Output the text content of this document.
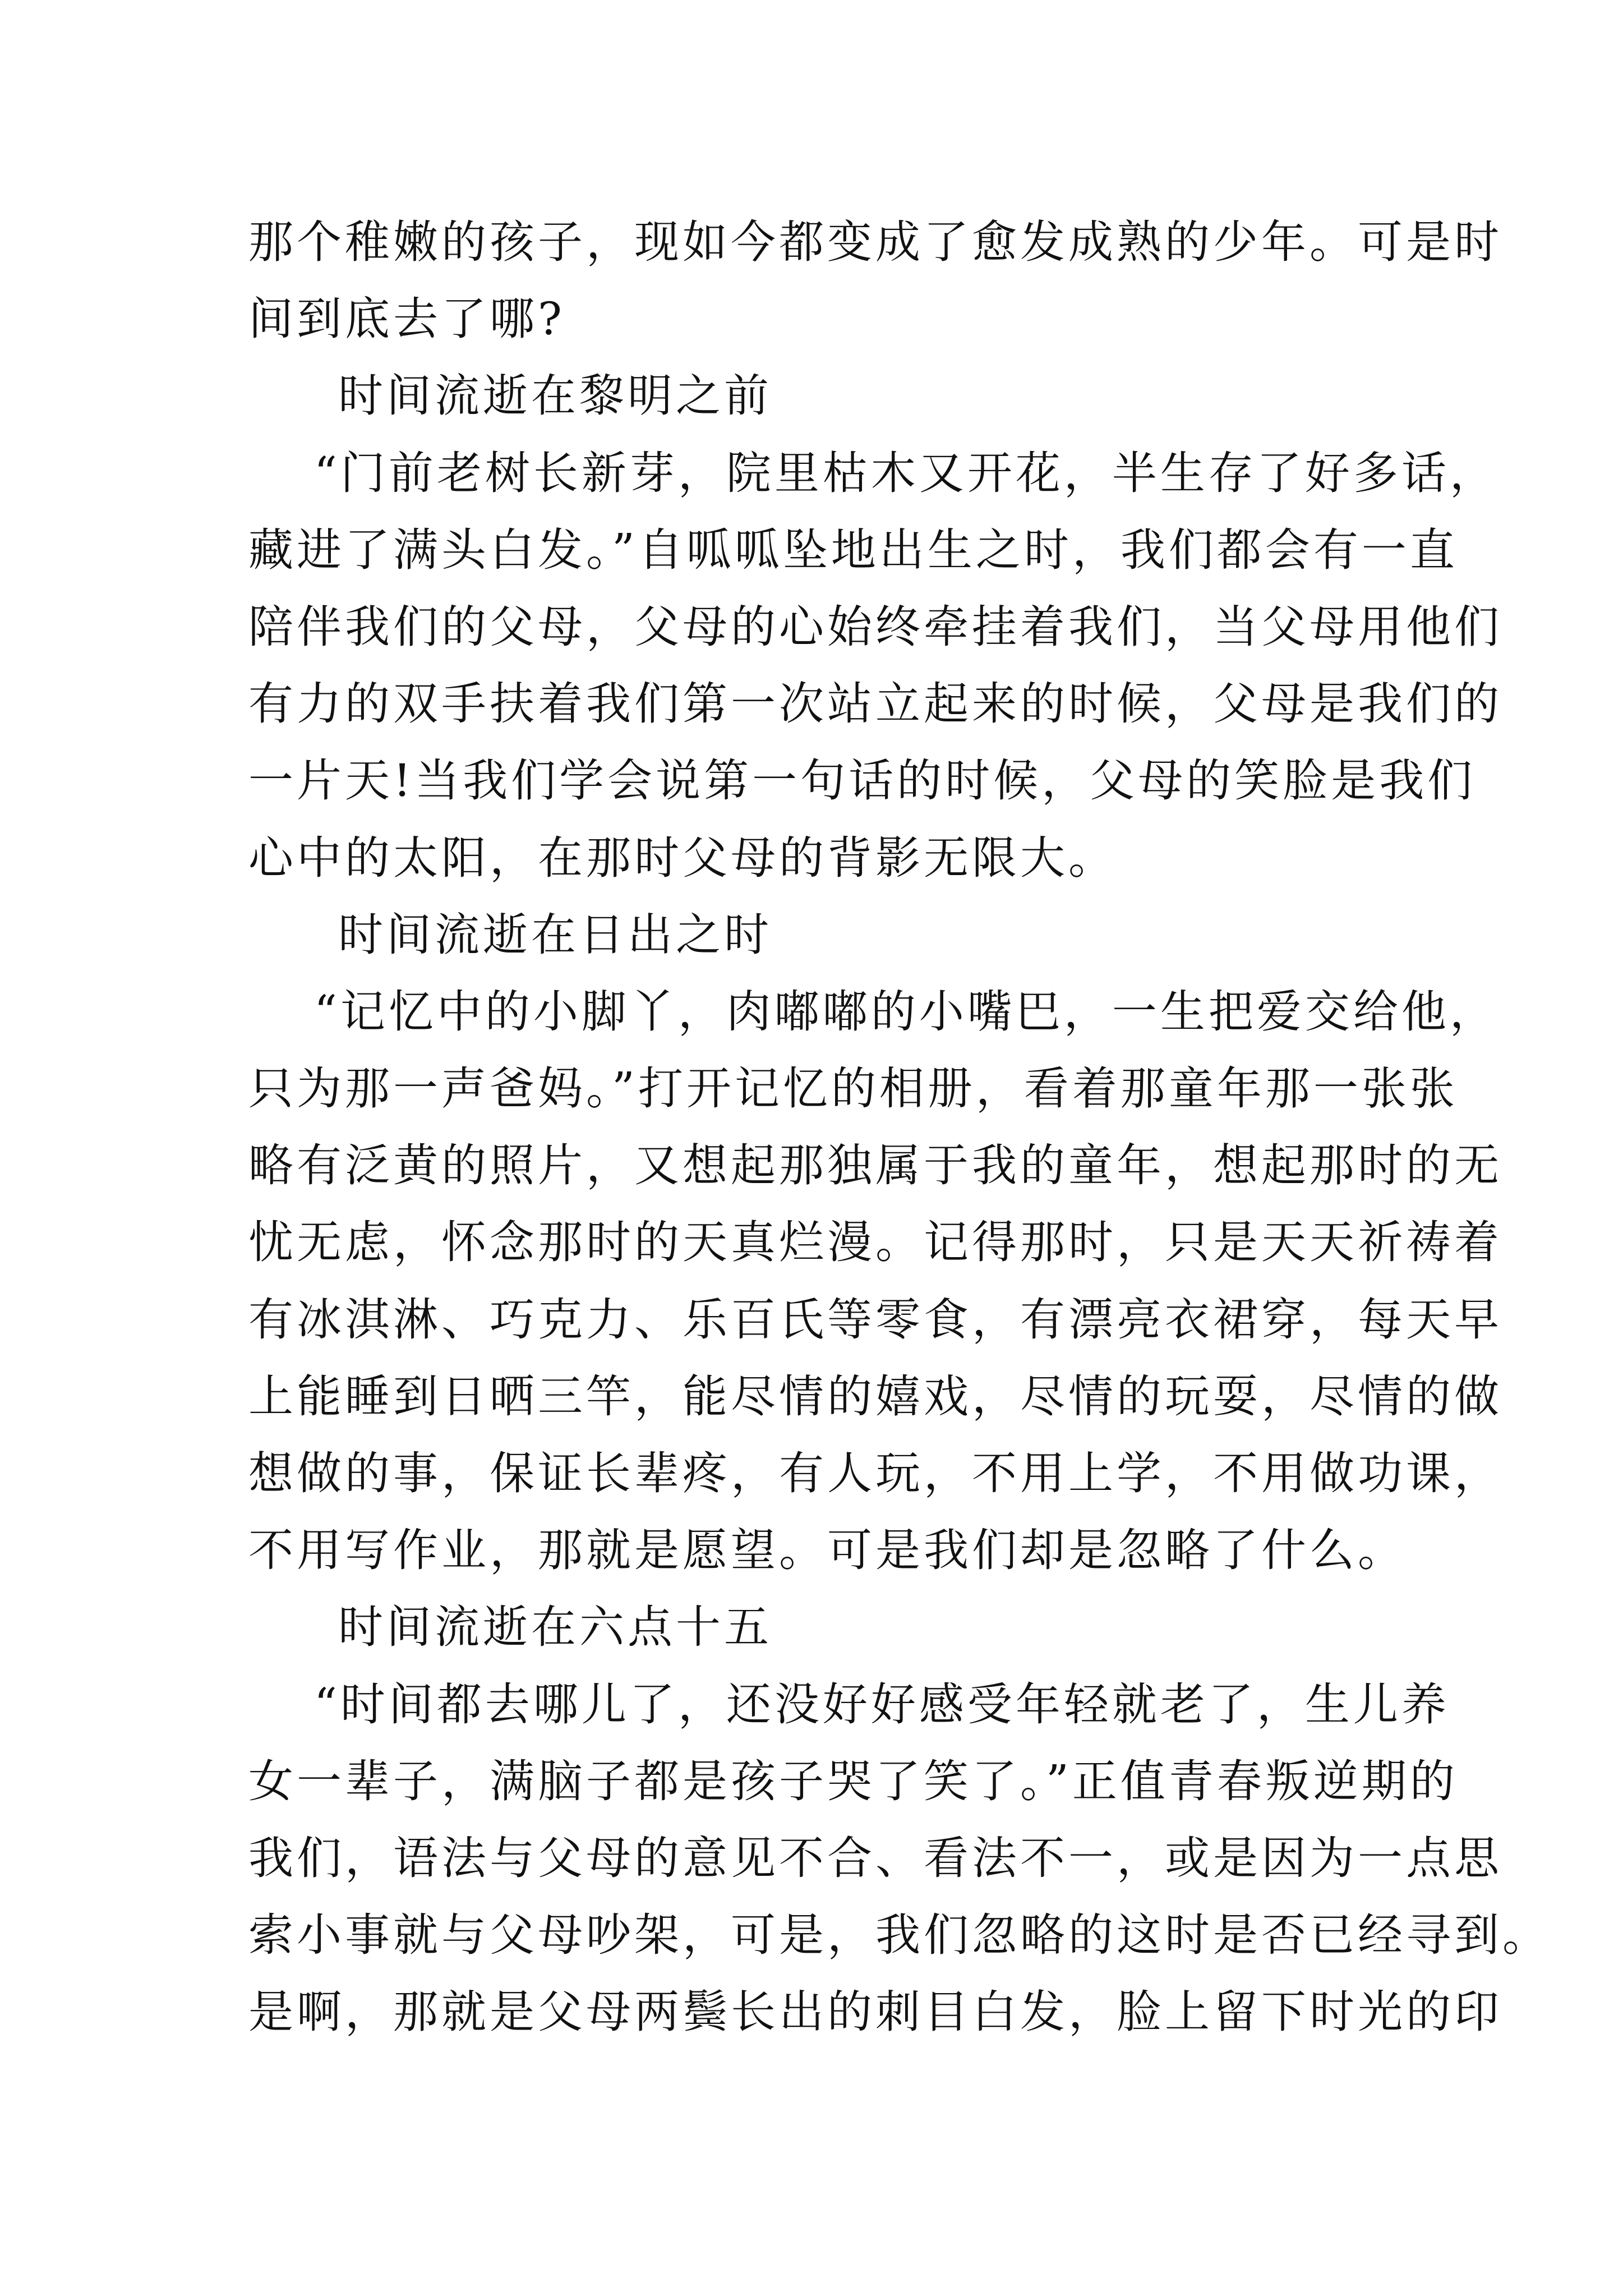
那个稚嫩的孩子，现如今都变成了愈发成熟的少年。可是时
间到底去了哪?
时间流逝在黎明之前
“门前老树长新芽，院里枯木又开花，半生存了好多话，
藏进了满头白发。”自呱呱坠地出生之时，我们都会有一直
陪伴我们的父母，父母的心始终牵挂着我们，当父母用他们
有力的双手扶着我们第一次站立起来的时候，父母是我们的
一片天!当我们学会说第一句话的时候，父母的笑脸是我们
心中的太阳，在那时父母的背影无限大。
时间流逝在日出之时
“记忆中的小脚丫，肉嘟嘟的小嘴巴，一生把爱交给他，
只为那一声爸妈。”打开记忆的相册，看着那童年那一张张
略有泛黄的照片，又想起那独属于我的童年，想起那时的无
忧无虑，怀念那时的天真烂漫。记得那时，只是天天祈祷着
有冰淇淋、巧克力、乐百氏等零食，有漂亮衣裙穿，每天早
上能睡到日晒三竿，能尽情的嬉戏，尽情的玩耍，尽情的做
想做的事，保证长辈疼，有人玩，不用上学，不用做功课，
不用写作业，那就是愿望。可是我们却是忽略了什么。
时间流逝在六点十五
“时间都去哪儿了，还没好好感受年轻就老了，生儿养
女一辈子，满脑子都是孩子哭了笑了。”正值青春叛逆期的
我们，语法与父母的意见不合、看法不一，或是因为一点思
索小事就与父母吵架，可是，我们忽略的这时是否已经寻到。
是啊，那就是父母两鬓长出的刺目白发，脸上留下时光的印
